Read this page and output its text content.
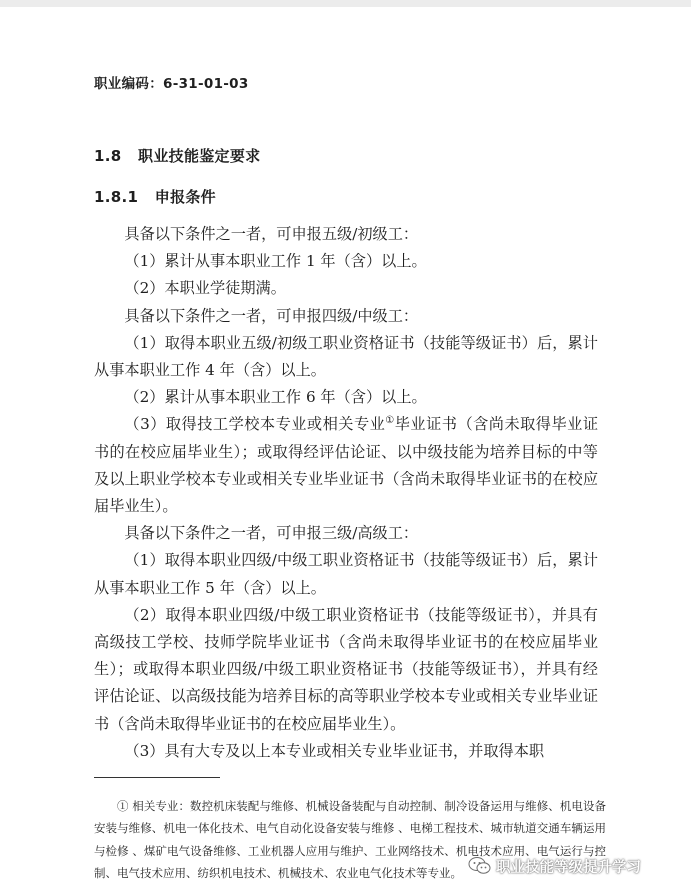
职业编码：6-31-01-03
1.8   职业技能鉴定要求
1.8.1   申报条件

具备以下条件之一者，可申报五级/初级工：

（1）累计从事本职业工作 1 年（含）以上。

（2）本职业学徒期满。

具备以下条件之一者，可申报四级/中级工：

（1）取得本职业五级/初级工职业资格证书（技能等级证书）后，累计从事本职业工作 4 年（含）以上。

（2）累计从事本职业工作 6 年（含）以上。

（3）取得技工学校本专业或相关专业①毕业证书（含尚未取得毕业证书的在校应届毕业生）；或取得经评估论证、以中级技能为培养目标的中等及以上职业学校本专业或相关专业毕业证书（含尚未取得毕业证书的在校应届毕业生）。

具备以下条件之一者，可申报三级/高级工：

（1）取得本职业四级/中级工职业资格证书（技能等级证书）后，累计从事本职业工作 5 年（含）以上。

（2）取得本职业四级/中级工职业资格证书（技能等级证书），并具有高级技工学校、技师学院毕业证书（含尚未取得毕业证书的在校应届毕业生）；或取得本职业四级/中级工职业资格证书（技能等级证书），并具有经评估论证、以高级技能为培养目标的高等职业学校本专业或相关专业毕业证书（含尚未取得毕业证书的在校应届毕业生）。

（3）具有大专及以上本专业或相关专业毕业证书，并取得本职

① 相关专业：数控机床装配与维修、机械设备装配与自动控制、制冷设备运用与维修、机电设备安装与维修、机电一体化技术、电气自动化设备安装与维修 、电梯工程技术、城市轨道交通车辆运用与检修 、煤矿电气设备维修、工业机器人应用与维护、工业网络技术、机电技术应用、电气运行与控制、电气技术应用、纺织机电技术、机械技术、农业电气化技术等专业。	职业技能等级提升学习
